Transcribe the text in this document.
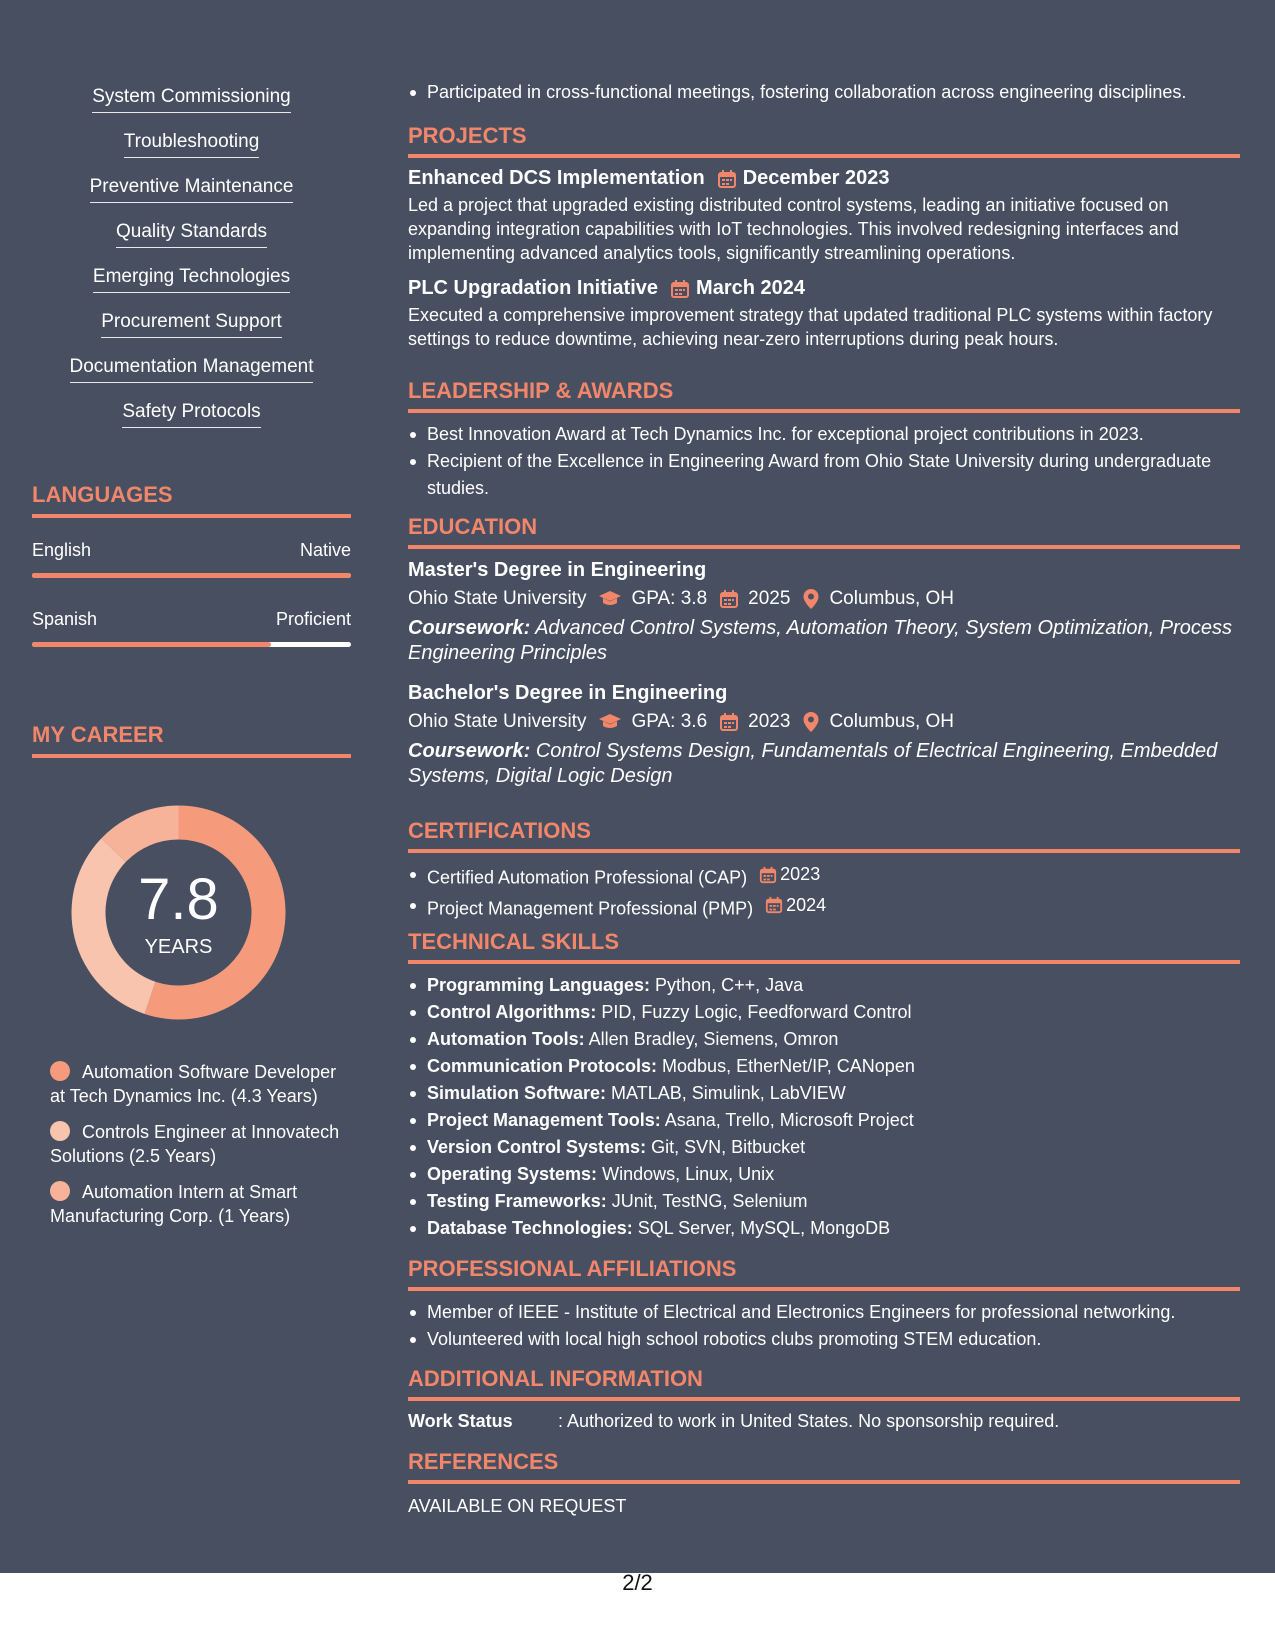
System Commissioning
Troubleshooting
Preventive Maintenance
Quality Standards
Emerging Technologies
Procurement Support
Documentation Management
Safety Protocols
LANGUAGES
English	Native
Spanish	Proficient
MY CAREER
7.8
YEARS
Automation Software Developer at Tech Dynamics Inc. (4.3 Years)
Controls Engineer at Innovatech Solutions (2.5 Years)
Automation Intern at Smart Manufacturing Corp. (1 Years)
Participated in cross-functional meetings, fostering collaboration across engineering disciplines.
PROJECTS
Enhanced DCS Implementation December 2023
Led a project that upgraded existing distributed control systems, leading an initiative focused on expanding integration capabilities with IoT technologies. This involved redesigning interfaces and implementing advanced analytics tools, significantly streamlining operations.
PLC Upgradation Initiative March 2024
Executed a comprehensive improvement strategy that updated traditional PLC systems within factory settings to reduce downtime, achieving near-zero interruptions during peak hours.
LEADERSHIP & AWARDS
Best Innovation Award at Tech Dynamics Inc. for exceptional project contributions in 2023.
Recipient of the Excellence in Engineering Award from Ohio State University during undergraduate studies.
EDUCATION
Master's Degree in Engineering
Ohio State University GPA: 3.8 2025 Columbus, OH
Coursework: Advanced Control Systems, Automation Theory, System Optimization, Process Engineering Principles
Bachelor's Degree in Engineering
Ohio State University GPA: 3.6 2023 Columbus, OH
Coursework: Control Systems Design, Fundamentals of Electrical Engineering, Embedded Systems, Digital Logic Design
CERTIFICATIONS
Certified Automation Professional (CAP) 2023
Project Management Professional (PMP) 2024
TECHNICAL SKILLS
Programming Languages: Python, C++, Java
Control Algorithms: PID, Fuzzy Logic, Feedforward Control
Automation Tools: Allen Bradley, Siemens, Omron
Communication Protocols: Modbus, EtherNet/IP, CANopen
Simulation Software: MATLAB, Simulink, LabVIEW
Project Management Tools: Asana, Trello, Microsoft Project
Version Control Systems: Git, SVN, Bitbucket
Operating Systems: Windows, Linux, Unix
Testing Frameworks: JUnit, TestNG, Selenium
Database Technologies: SQL Server, MySQL, MongoDB
PROFESSIONAL AFFILIATIONS
Member of IEEE - Institute of Electrical and Electronics Engineers for professional networking.
Volunteered with local high school robotics clubs promoting STEM education.
ADDITIONAL INFORMATION
Work Status	: Authorized to work in United States. No sponsorship required.
REFERENCES
AVAILABLE ON REQUEST
2/2
